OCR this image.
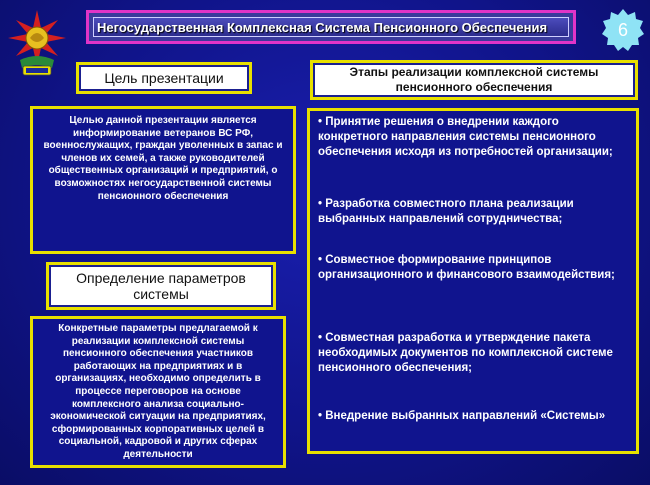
Негосударственная Комплексная Система Пенсионного Обеспечения	6
Цель презентации
Целью данной презентации является информирование ветеранов ВС РФ, военнослужащих, граждан уволенных в запас и членов их семей, а также руководителей общественных организаций и предприятий, о возможностях негосударственной системы пенсионного обеспечения
Определение параметров системы
Конкретные параметры предлагаемой к реализации комплексной системы пенсионного обеспечения участников работающих на предприятиях и в организациях, необходимо определить в процессе переговоров на основе комплексного анализа социально-экономической ситуации на предприятиях, сформированных корпоративных целей в социальной, кадровой и других сферах деятельности
Этапы реализации комплексной системы пенсионного обеспечения

• Принятие решения о внедрении каждого конкретного направления системы пенсионного обеспечения исходя из потребностей организации;

• Разработка совместного плана реализации выбранных направлений сотрудничества;

• Совместное формирование принципов организационного и финансового взаимодействия;

• Совместная разработка и утверждение пакета необходимых документов по комплексной системе пенсионного обеспечения;

• Внедрение выбранных направлений «Системы»
